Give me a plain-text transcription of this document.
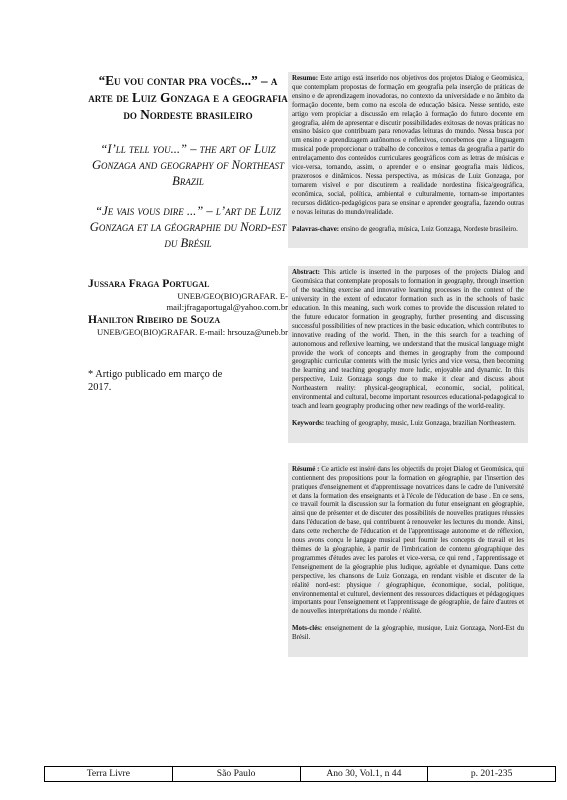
“Eu vou contar pra vocês...” – a arte de Luiz Gonzaga e a geografia do Nordeste brasileiro

“I’ll tell you...” – the art of Luiz Gonzaga and geography of Northeast Brazil

“Je vais vous dire ...” – l’art de Luiz Gonzaga et la géographie du Nord-est du Brésil

Jussara Fraga Portugal

UNEB/GEO(BIO)GRAFAR. E-mail:jfragaportugal@yahoo.com.br

Hanilton Ribeiro de Souza

UNEB/GEO(BIO)GRAFAR. E-mail: hrsouza@uneb.br

* Artigo publicado em março de 2017.

Resumo: Este artigo está inserido nos objetivos dos projetos Dialog e Geomúsica, que contemplam propostas de formação em geografia pela inserção de práticas de ensino e de aprendizagem inovadoras, no contexto da universidade e no âmbito da formação docente, bem como na escola de educação básica. Nesse sentido, este artigo vem propiciar a discussão em relação à formação do futuro docente em geografia, além de apresentar e discutir possibilidades exitosas de novas práticas no ensino básico que contribuam para renovadas leituras do mundo. Nessa busca por um ensino e aprendizagem autônomos e reflexivos, concebemos que a linguagem musical pode proporcionar o trabalho de conceitos e temas da geografia a partir do entrelaçamento dos conteúdos curriculares geográficos com as letras de músicas e vice-versa, tornando, assim, o aprender e o ensinar geografia mais lúdicos, prazerosos e dinâmicos. Nessa perspectiva, as músicas de Luiz Gonzaga, por tornarem visível e por discutirem a realidade nordestina física/geográfica, econômica, social, política, ambiental e culturalmente, tornam-se importantes recursos didático-pedagógicos para se ensinar e aprender geografia, fazendo outras e novas leituras do mundo/realidade.

Palavras-chave: ensino de geografia, música, Luiz Gonzaga, Nordeste brasileiro.

Abstract: This article is inserted in the purposes of the projects Dialog and Geomúsica that contemplate proposals to formation in geography, through insertion of the teaching exercise and innovative learning processes in the context of the university in the extent of educator formation such as in the schools of basic education. In this meaning, such work comes to provide the discussion related to the future educator formation in geography, further presenting and discussing successful possibilities of new practices in the basic education, which contributes to innovative reading of the world. Then, in the this search for a teaching of autonomous and reflexive learning, we understand that the musical language might provide the work of concepts and themes in geography from the compound geographic curricular contents with the music lyrics and vice versa, then becoming the learning and teaching geography more ludic, enjoyable and dynamic. In this perspective, Luiz Gonzaga songs due to make it clear and discuss about Northeastern reality: physical-geographical, economic, social, political, environmental and cultural, become important resources educational-pedagogical to teach and learn geography producing other new readings of the world-reality.

Keywords: teaching of geography, music, Luiz Gonzaga, brazilian Northeastern.

Résumé : Ce article est inséré dans les objectifs du projet Dialog et Geomúsica, qui contiennent des propositions pour la formation en géographie, par l'insertion des pratiques d'enseignement et d'apprentissage novatrices dans le cadre de l'université et dans la formation des enseignants et à l'école de l'éducation de base . En ce sens, ce travail fournit la discussion sur la formation du futur enseignant en géographie, ainsi que de présenter et de discuter des possibilités de nouvelles pratiques réussies dans l'éducation de base, qui contribuent à renouveler les lectures du monde. Ainsi, dans cette recherche de l'éducation et de l'apprentissage autonome et de réflexion, nous avons conçu le langage musical peut fournir les concepts de travail et les thèmes de la géographie, à partir de l'imbrication de contenu géographique des programmes d'études avec les paroles et vice-versa, ce qui rend , l'apprentissage et l'enseignement de la géographie plus ludique, agréable et dynamique. Dans cette perspective, les chansons de Luiz Gonzaga, en rendant visible et discuter de la réalité nord-est: physique / géographique, économique, social, politique, environnemental et culturel, deviennent des ressources didactiques et pédagogiques importants pour l'enseignement et l'apprentissage de géographie, de faire d'autres et de nouvelles interprétations du monde / réalité.

Mots-clés: enseignement de la géographie, musique, Luiz Gonzaga, Nord-Est du Brésil.

Terra Livre	São Paulo	Ano 30, Vol.1, n 44	p. 201-235
